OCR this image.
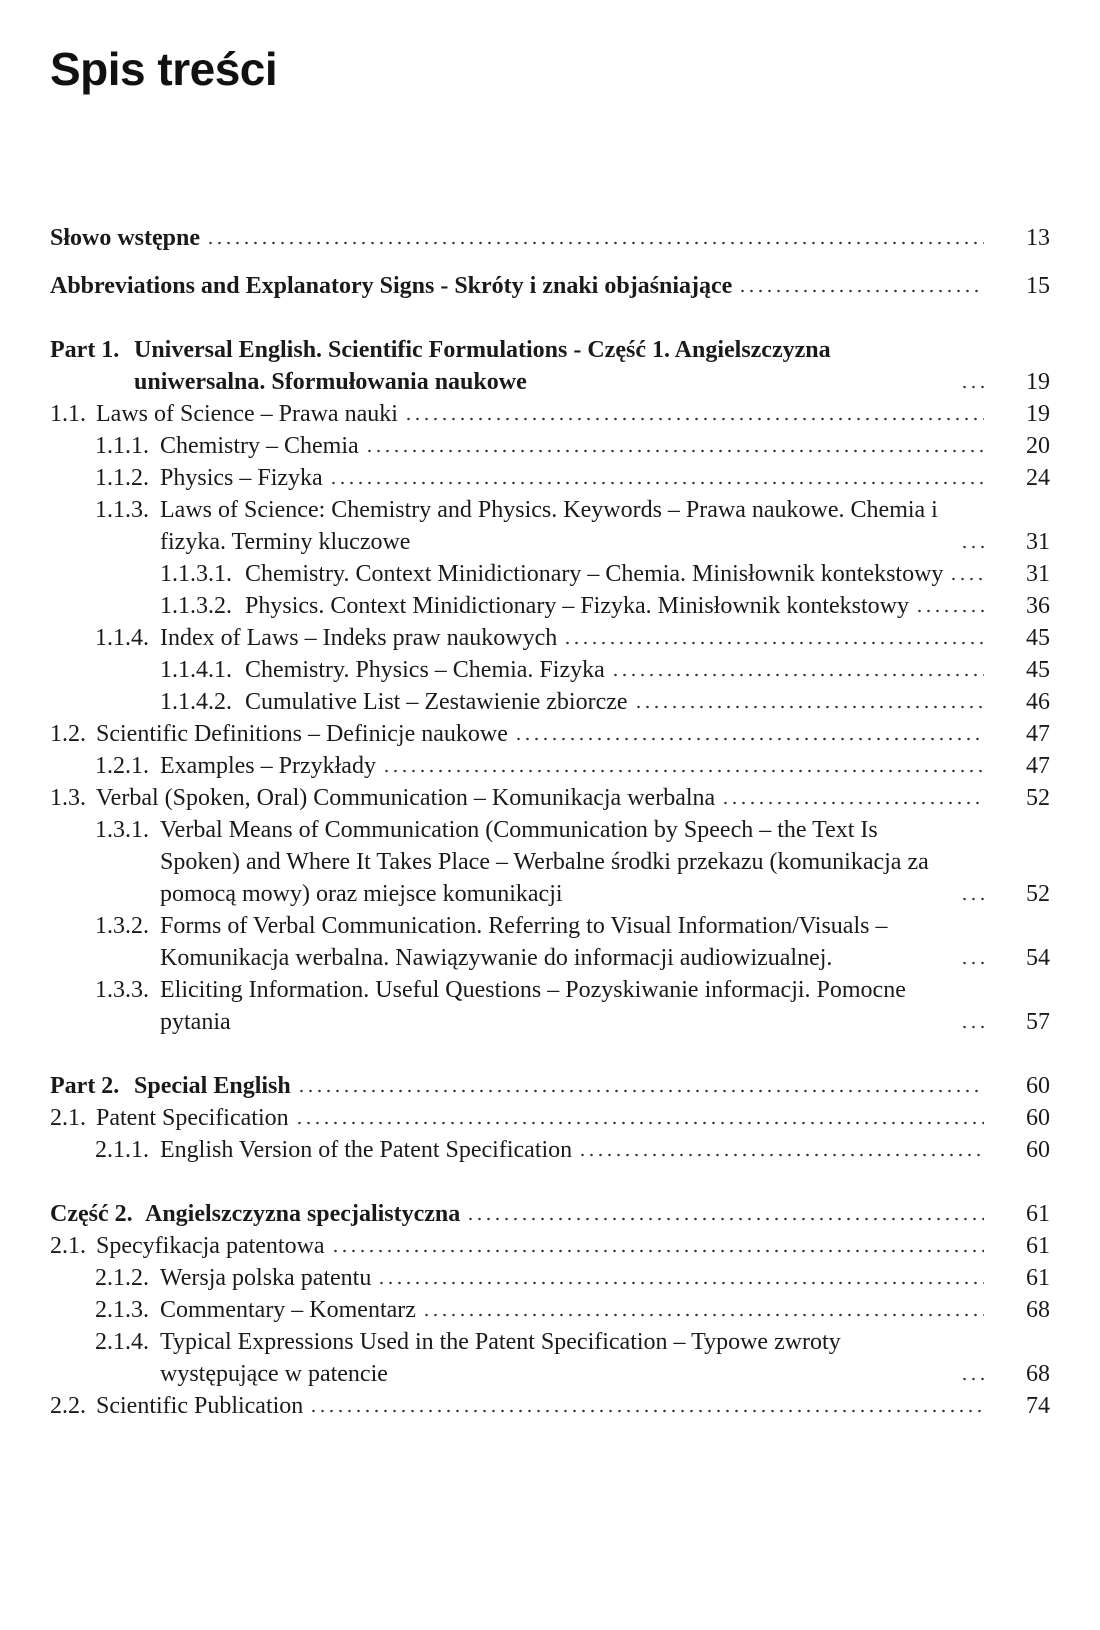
Spis treści
Słowo wstępne	13
Abbreviations and Explanatory Signs - Skróty i znaki objaśniające	15
Part 1. Universal English. Scientific Formulations - Część 1. Angielszczyzna uniwersalna. Sformułowania naukowe	19
1.1. Laws of Science – Prawa nauki	19
1.1.1. Chemistry – Chemia	20
1.1.2. Physics – Fizyka	24
1.1.3. Laws of Science: Chemistry and Physics. Keywords – Prawa naukowe. Chemia i fizyka. Terminy kluczowe	31
1.1.3.1. Chemistry. Context Minidictionary – Chemia. Minisłownik kontekstowy	31
1.1.3.2. Physics. Context Minidictionary – Fizyka. Minisłownik kontekstowy	36
1.1.4. Index of Laws – Indeks praw naukowych	45
1.1.4.1. Chemistry. Physics – Chemia. Fizyka	45
1.1.4.2. Cumulative List – Zestawienie zbiorcze	46
1.2. Scientific Definitions – Definicje naukowe	47
1.2.1. Examples – Przykłady	47
1.3. Verbal (Spoken, Oral) Communication – Komunikacja werbalna	52
1.3.1. Verbal Means of Communication (Communication by Speech – the Text Is Spoken) and Where It Takes Place – Werbalne środki przekazu (komunikacja za pomocą mowy) oraz miejsce komunikacji	52
1.3.2. Forms of Verbal Communication. Referring to Visual Information/Visuals – Komunikacja werbalna. Nawiązywanie do informacji audiowizualnej.	54
1.3.3. Eliciting Information. Useful Questions – Pozyskiwanie informacji. Pomocne pytania	57
Part 2. Special English	60
2.1. Patent Specification	60
2.1.1. English Version of the Patent Specification	60
Część 2. Angielszczyzna specjalistyczna	61
2.1. Specyfikacja patentowa	61
2.1.2. Wersja polska patentu	61
2.1.3. Commentary – Komentarz	68
2.1.4. Typical Expressions Used in the Patent Specification – Typowe zwroty występujące w patencie	68
2.2. Scientific Publication	74
